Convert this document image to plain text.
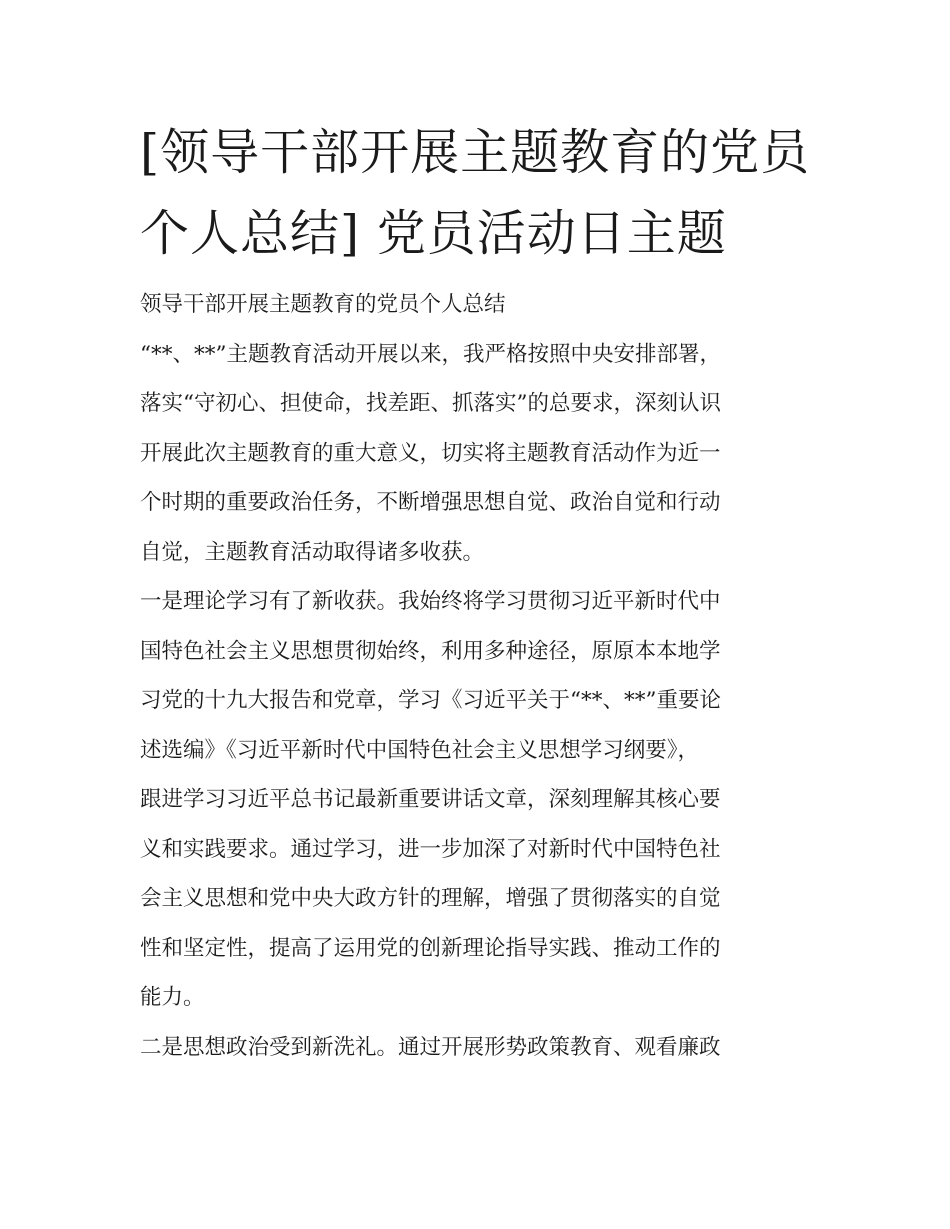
[领导干部开展主题教育的党员
个人总结] 党员活动日主题

领导干部开展主题教育的党员个人总结

“**、**”主题教育活动开展以来，我严格按照中央安排部署，
落实“守初心、担使命，找差距、抓落实”的总要求，深刻认识
开展此次主题教育的重大意义，切实将主题教育活动作为近一
个时期的重要政治任务，不断增强思想自觉、政治自觉和行动
自觉，主题教育活动取得诸多收获。

一是理论学习有了新收获。我始终将学习贯彻习近平新时代中
国特色社会主义思想贯彻始终，利用多种途径，原原本本地学
习党的十九大报告和党章，学习《习近平关于“**、**”重要论
述选编》《习近平新时代中国特色社会主义思想学习纲要》，
跟进学习习近平总书记最新重要讲话文章，深刻理解其核心要
义和实践要求。通过学习，进一步加深了对新时代中国特色社
会主义思想和党中央大政方针的理解，增强了贯彻落实的自觉
性和坚定性，提高了运用党的创新理论指导实践、推动工作的
能力。

二是思想政治受到新洗礼。通过开展形势政策教育、观看廉政
